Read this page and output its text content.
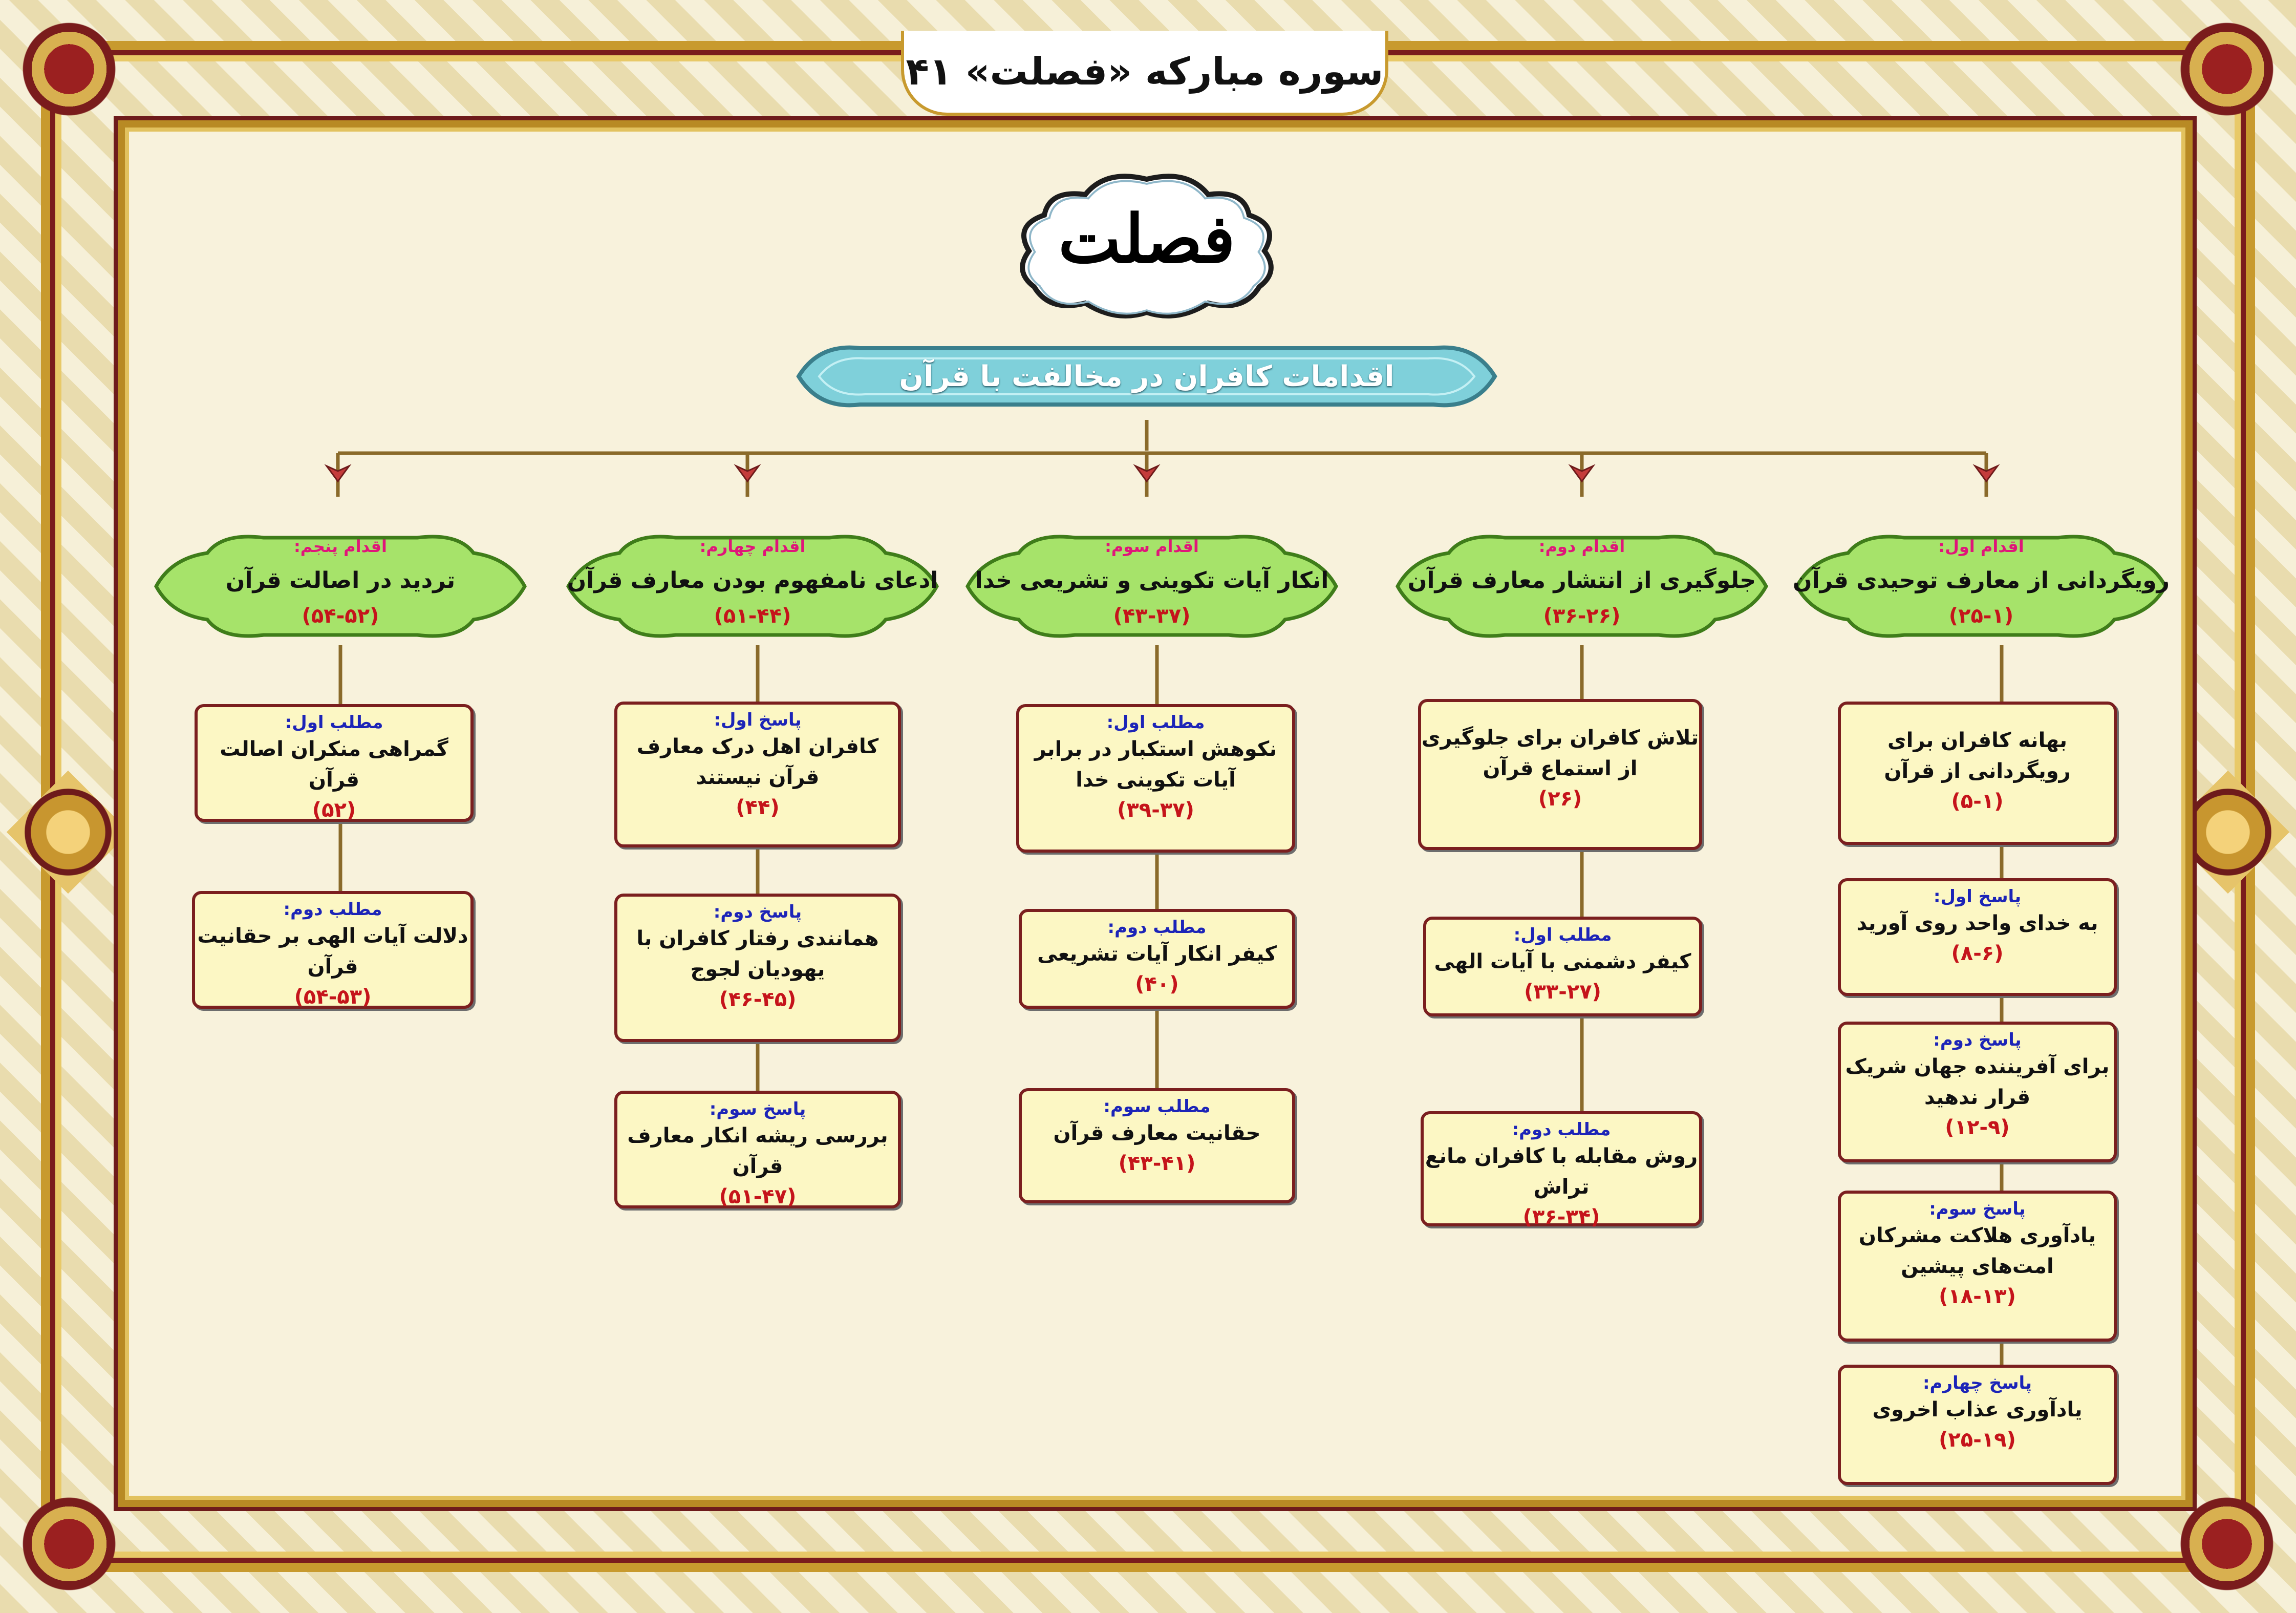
سوره مبارکه «فصلت» ۴۱
فصلت
اقدامات کافران در مخالفت با قرآن
اقدام اول:
رویگردانی از معارف توحیدی قرآن
(۲۵-۱)
اقدام دوم:
جلوگیری از انتشار معارف قرآن
(۳۶-۲۶)
اقدام سوم:
انکار آیات تکوینی و تشریعی خدا
(۴۳-۳۷)
اقدام چهارم:
ادعای نامفهوم بودن معارف قرآن
(۵۱-۴۴)
اقدام پنجم:
تردید در اصالت قرآن
(۵۴-۵۲)
بهانه کافران برای رویگردانی از قرآن
(۵-۱)
پاسخ اول:
به خدای واحد روی آورید
(۸-۶)
پاسخ دوم:
برای آفریننده جهان شریک قرار ندهید
(۱۲-۹)
پاسخ سوم:
یادآوری هلاکت مشرکان امت‌های پیشین
(۱۸-۱۳)
پاسخ چهارم:
یادآوری عذاب اخروی
(۲۵-۱۹)
تلاش کافران برای جلوگیری از استماع قرآن
(۲۶)
مطلب اول:
کیفر دشمنی با آیات الهی
(۳۳-۲۷)
مطلب دوم:
روش مقابله با کافران مانع تراش
(۳۶-۳۴)
مطلب اول:
نکوهش استکبار در برابر آیات تکوینی خدا
(۳۹-۳۷)
مطلب دوم:
کیفر انکار آیات تشریعی
(۴۰)
مطلب سوم:
حقانیت معارف قرآن
(۴۳-۴۱)
پاسخ اول:
کافران اهل درک معارف قرآن نیستند
(۴۴)
پاسخ دوم:
همانندی رفتار کافران با یهودیان لجوج
(۴۶-۴۵)
پاسخ سوم:
بررسی ریشه انکار معارف قرآن
(۵۱-۴۷)
مطلب اول:
گمراهی منکران اصالت قرآن
(۵۲)
مطلب دوم:
دلالت آیات الهی بر حقانیت قرآن
(۵۴-۵۳)
